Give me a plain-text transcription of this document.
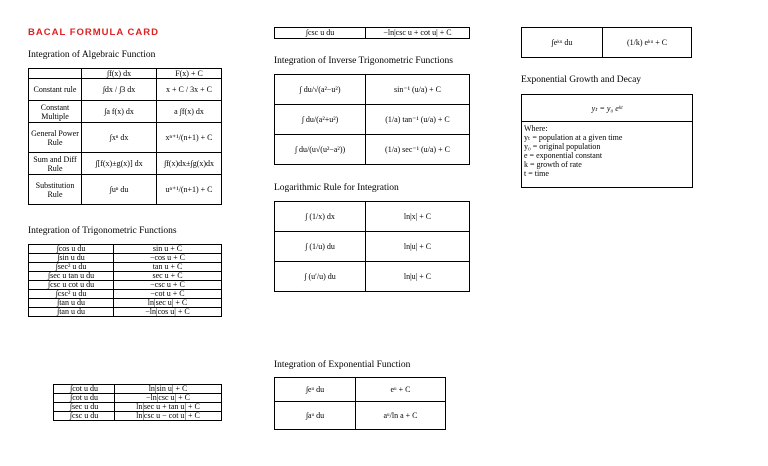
BACAL FORMULA CARD
Integration of Algebraic Function
	∫f(x) dx	F(x) + C
Constant rule	∫dx / ∫3 dx	x + C / 3x + C
Constant Multiple	∫a f(x) dx	a ∫f(x) dx
General Power Rule	∫xⁿ dx	xⁿ⁺¹/(n+1) + C
Sum and Diff Rule	∫[f(x)±g(x)] dx	∫f(x)dx±∫g(x)dx
Substitution Rule	∫uⁿ du	uⁿ⁺¹/(n+1) + C
Integration of Trigonometric Functions
∫cos u du	sin u + C
∫sin u du	−cos u + C
∫sec² u du	tan u + C
∫sec u tan u du	sec u + C
∫csc u cot u du	−csc u + C
∫csc² u du	−cot u + C
∫tan u du	ln|sec u| + C
∫tan u du	−ln|cos u| + C
∫cot u du	ln|sin u| + C
∫cot u du	−ln|csc u| + C
∫sec u du	ln|sec u + tan u| + C
∫csc u du	ln|csc u − cot u| + C
∫csc u du	−ln|csc u + cot u| + C
Integration of Inverse Trigonometric Functions
∫ du/√(a²−u²)	sin⁻¹ (u/a) + C
∫ du/(a²+u²)	(1/a) tan⁻¹ (u/a) + C
∫ du/(u√(u²−a²))	(1/a) sec⁻¹ (u/a) + C
Logarithmic Rule for Integration
∫ (1/x) dx	ln|x| + C
∫ (1/u) du	ln|u| + C
∫ (u′/u) du	ln|u| + C
Integration of Exponential Function
∫eᵘ du	eᵘ + C
∫aᵘ du	aᵘ/ln a + C
∫eᵏᵘ du	(1/k) eᵏᵘ + C
Exponential Growth and Decay
yₜ = y₀ eᵏᵗ
Where:
yₜ = population at a given time
y₀ = original population
e = exponential constant
k = growth of rate
t = time
